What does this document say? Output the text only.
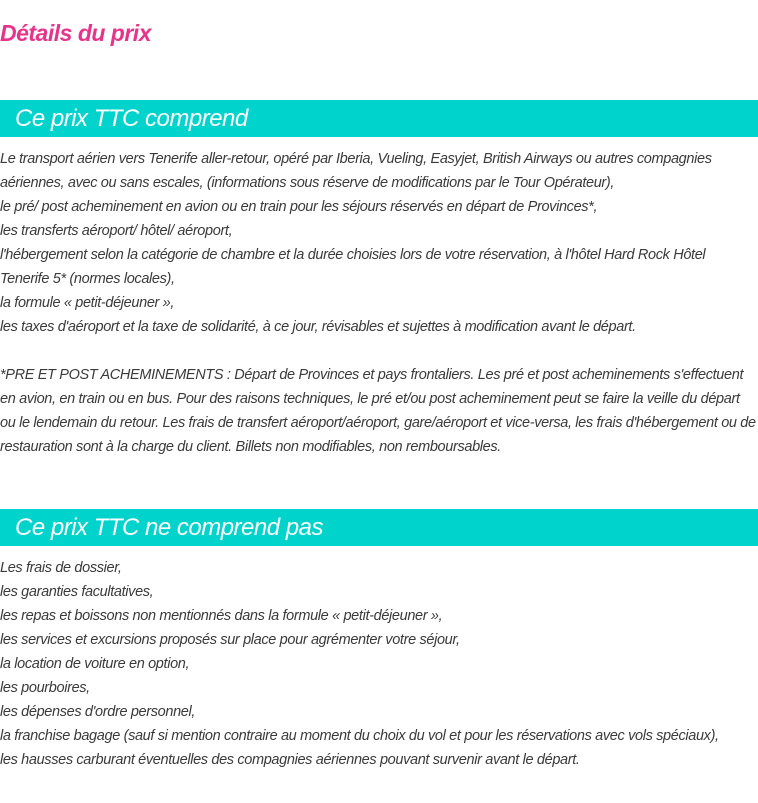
Détails du prix
Ce prix TTC comprend
Le transport aérien vers Tenerife aller-retour, opéré par Iberia, Vueling, Easyjet, British Airways ou autres compagnies aériennes, avec ou sans escales, (informations sous réserve de modifications par le Tour Opérateur),
le pré/ post acheminement en avion ou en train pour les séjours réservés en départ de Provinces*,
les transferts aéroport/ hôtel/ aéroport,
l'hébergement selon la catégorie de chambre et la durée choisies lors de votre réservation, à l'hôtel Hard Rock Hôtel Tenerife 5* (normes locales),
la formule « petit-déjeuner »,
les taxes d'aéroport et la taxe de solidarité, à ce jour, révisables et sujettes à modification avant le départ.

*PRE ET POST ACHEMINEMENTS : Départ de Provinces et pays frontaliers. Les pré et post acheminements s'effectuent en avion, en train ou en bus. Pour des raisons techniques, le pré et/ou post acheminement peut se faire la veille du départ ou le lendemain du retour. Les frais de transfert aéroport/aéroport, gare/aéroport et vice-versa, les frais d'hébergement ou de restauration sont à la charge du client. Billets non modifiables, non remboursables.

Ce prix TTC ne comprend pas
Les frais de dossier,
les garanties facultatives,
les repas et boissons non mentionnés dans la formule « petit-déjeuner »,
les services et excursions proposés sur place pour agrémenter votre séjour,
la location de voiture en option,
les pourboires,
les dépenses d'ordre personnel,
la franchise bagage (sauf si mention contraire au moment du choix du vol et pour les réservations avec vols spéciaux),
les hausses carburant éventuelles des compagnies aériennes pouvant survenir avant le départ.
